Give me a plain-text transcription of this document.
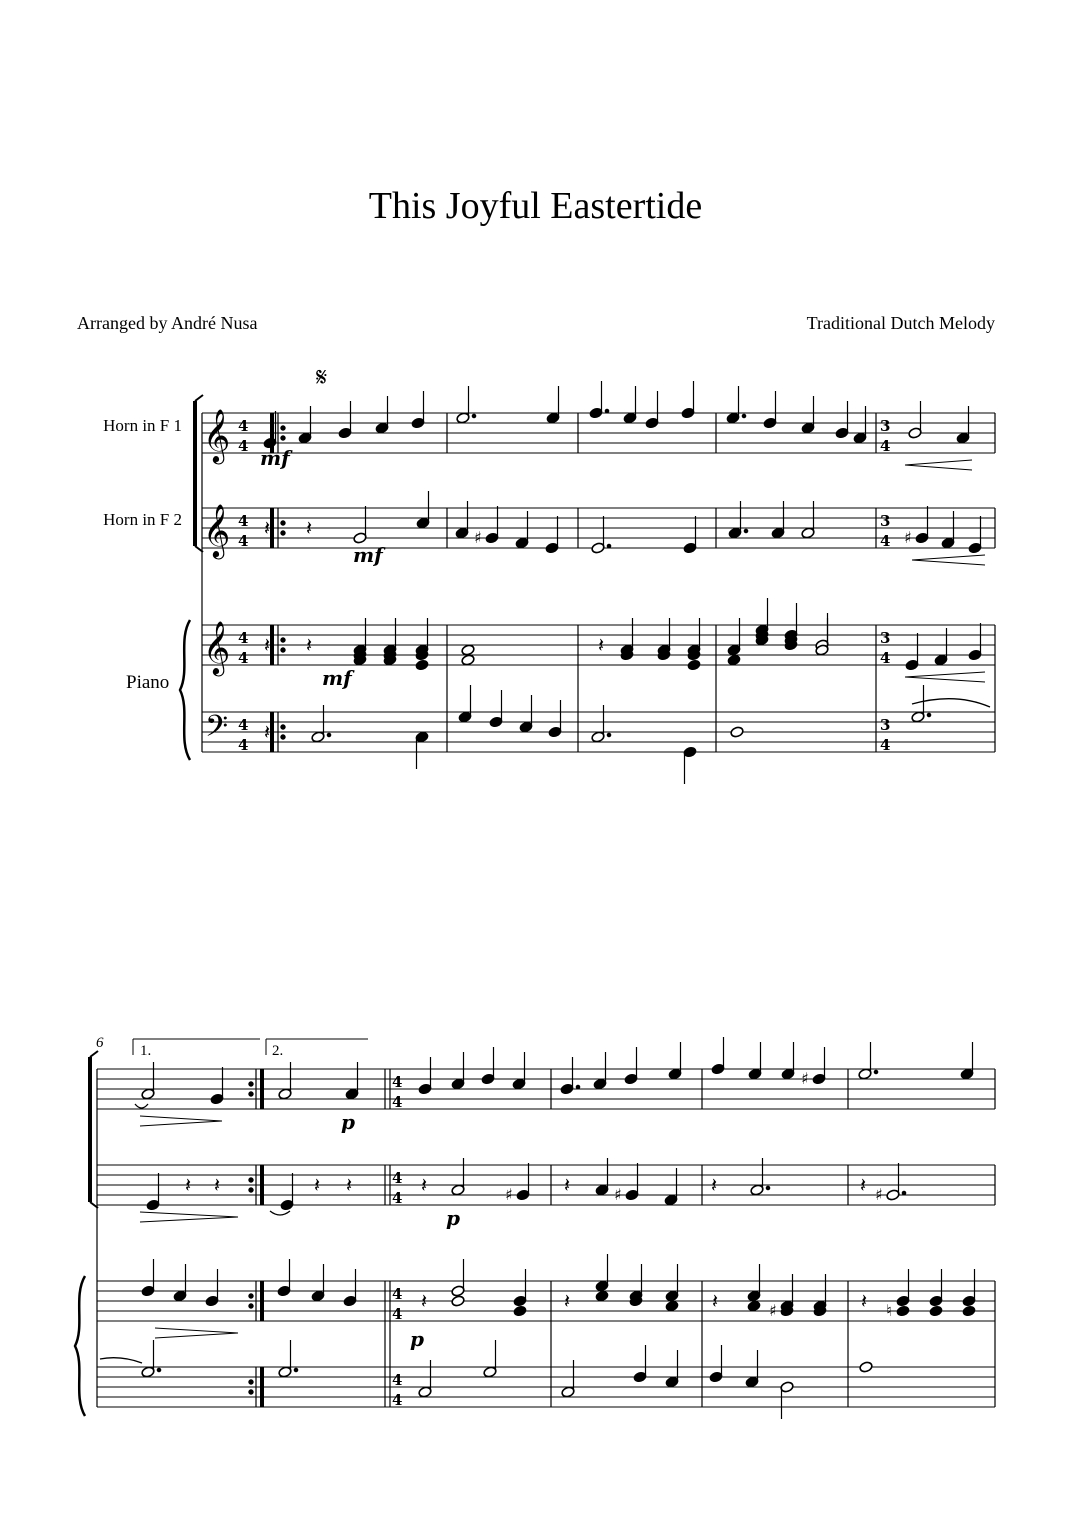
This Joyful Eastertide
Arranged by André Nusa	Traditional Dutch Melody
Horn in F 1
Horn in F 2
Piano
𝄞
𝄞
𝄞
𝄢
4
4
4
4
4
4
4
4
3
4
3
4
3
4
3
4
𝄽 𝄽	♯	♯
𝄽 𝄽	𝄽
𝄽
4
4
4
4
4
4
4
4
♯
𝄽 𝄽	𝄽 𝄽	𝄽	♯	𝄽	♯	𝄽	𝄽 ♯
𝄽	𝄽	𝄽	♯	𝄽 ♮
𝄋
6 1.	2.
mf
mf
mf
p
p
p
